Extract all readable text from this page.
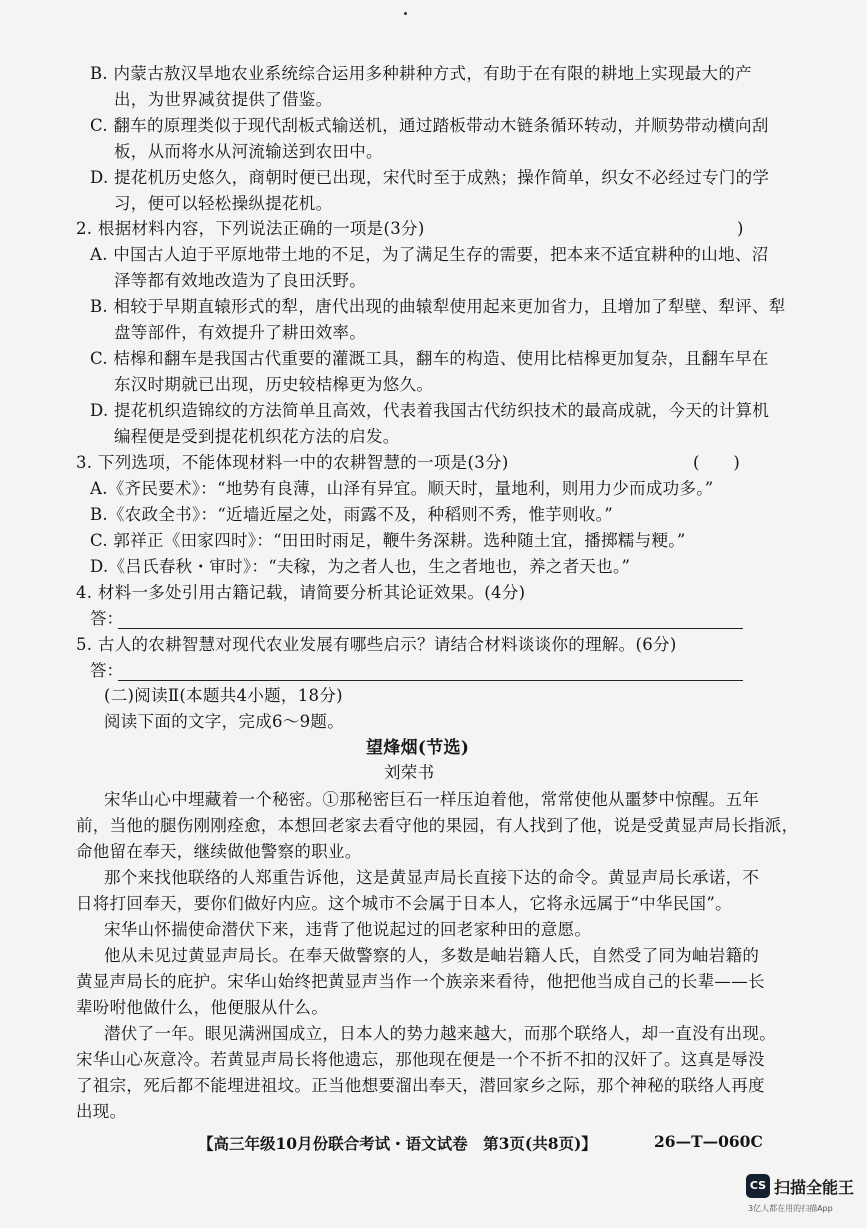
B. 内蒙古敖汉旱地农业系统综合运用多种耕种方式，有助于在有限的耕地上实现最大的产
出，为世界减贫提供了借鉴。
C. 翻车的原理类似于现代刮板式输送机，通过踏板带动木链条循环转动，并顺势带动横向刮
板，从而将水从河流输送到农田中。
D. 提花机历史悠久，商朝时便已出现，宋代时至于成熟；操作简单，织女不必经过专门的学
习，便可以轻松操纵提花机。
2. 根据材料内容，下列说法正确的一项是(3分)	)
A. 中国古人迫于平原地带土地的不足，为了满足生存的需要，把本来不适宜耕种的山地、沼
泽等都有效地改造为了良田沃野。
B. 相较于早期直辕形式的犁，唐代出现的曲辕犁使用起来更加省力，且增加了犁壁、犁评、犁
盘等部件，有效提升了耕田效率。
C. 桔槔和翻车是我国古代重要的灌溉工具，翻车的构造、使用比桔槔更加复杂，且翻车早在
东汉时期就已出现，历史较桔槔更为悠久。
D. 提花机织造锦纹的方法简单且高效，代表着我国古代纺织技术的最高成就，今天的计算机
编程便是受到提花机织花方法的启发。
3. 下列选项，不能体现材料一中的农耕智慧的一项是(3分)	(　　)
A.《齐民要术》：“地势有良薄，山泽有异宜。顺天时，量地利，则用力少而成功多。”
B.《农政全书》：“近墙近屋之处，雨露不及，种稻则不秀，惟芋则收。”
C. 郭祥正《田家四时》：“田田时雨足，鞭牛务深耕。选种随土宜，播掷糯与粳。”
D.《吕氏春秋・审时》：“夫稼，为之者人也，生之者地也，养之者天也。”
4. 材料一多处引用古籍记载，请简要分析其论证效果。(4分)
答：
5. 古人的农耕智慧对现代农业发展有哪些启示？请结合材料谈谈你的理解。(6分)
答：
(二)阅读Ⅱ(本题共4小题，18分)
阅读下面的文字，完成6～9题。
望烽烟(节选)
刘荣书
宋华山心中埋藏着一个秘密。①那秘密巨石一样压迫着他，常常使他从噩梦中惊醒。五年
前，当他的腿伤刚刚痊愈，本想回老家去看守他的果园，有人找到了他，说是受黄显声局长指派，
命他留在奉天，继续做他警察的职业。
那个来找他联络的人郑重告诉他，这是黄显声局长直接下达的命令。黄显声局长承诺，不
日将打回奉天，要你们做好内应。这个城市不会属于日本人，它将永远属于“中华民国”。
宋华山怀揣使命潜伏下来，违背了他说起过的回老家种田的意愿。
他从未见过黄显声局长。在奉天做警察的人，多数是岫岩籍人氏，自然受了同为岫岩籍的
黄显声局长的庇护。宋华山始终把黄显声当作一个族亲来看待，他把他当成自己的长辈——长
辈吩咐他做什么，他便服从什么。
潜伏了一年。眼见满洲国成立，日本人的势力越来越大，而那个联络人，却一直没有出现。
宋华山心灰意冷。若黄显声局长将他遗忘，那他现在便是一个不折不扣的汉奸了。这真是辱没
了祖宗，死后都不能埋进祖坟。正当他想要溜出奉天，潜回家乡之际，那个神秘的联络人再度
出现。
【高三年级10月份联合考试・语文试卷　第3页(共8页)】	26—T—060C
CS 扫描全能王
3亿人都在用的扫描App
